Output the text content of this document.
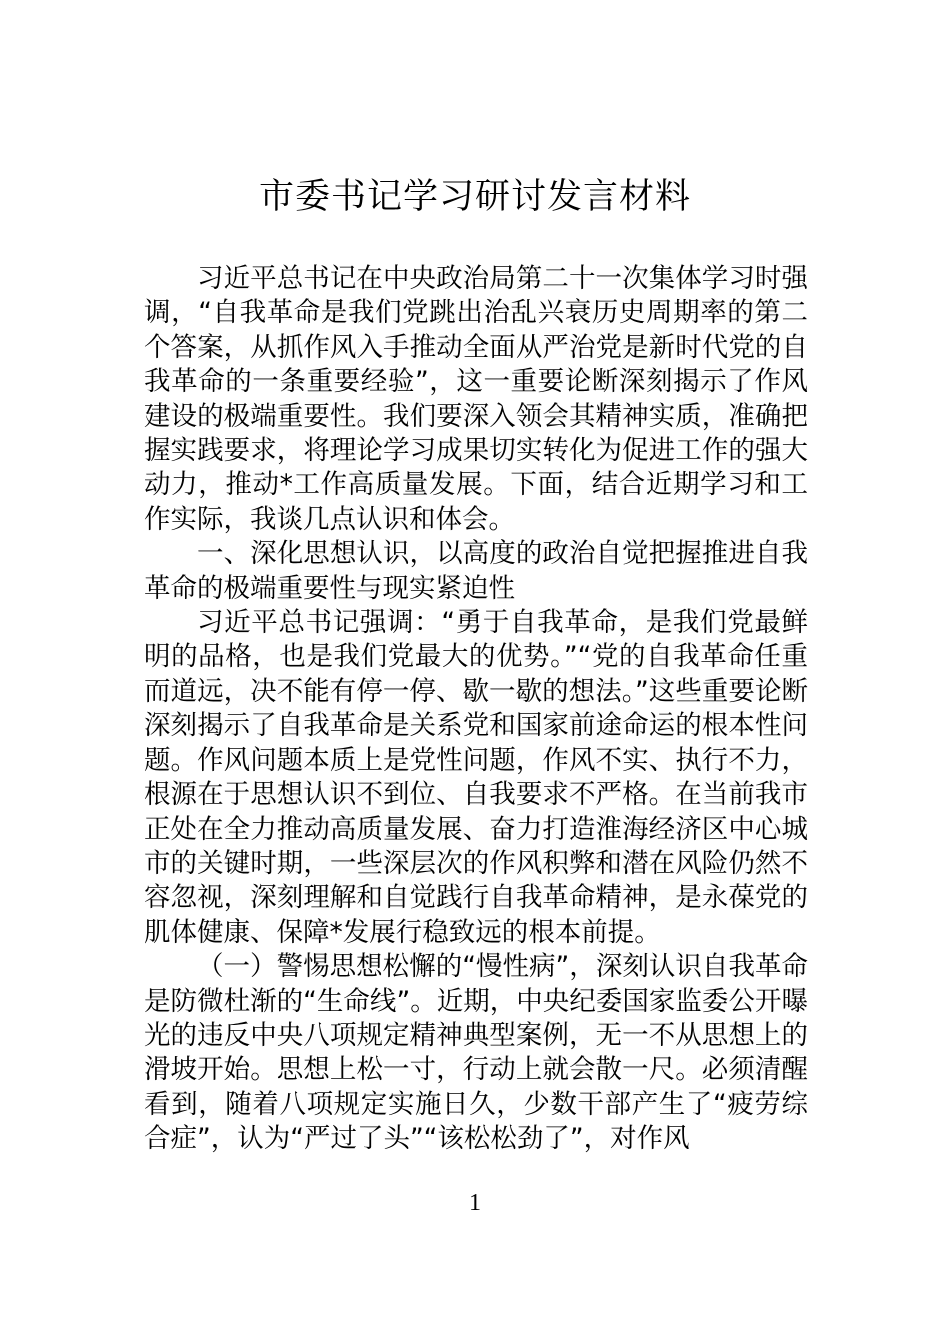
市委书记学习研讨发言材料

习近平总书记在中央政治局第二十一次集体学习时强调，“自我革命是我们党跳出治乱兴衰历史周期率的第二个答案，从抓作风入手推动全面从严治党是新时代党的自我革命的一条重要经验”，这一重要论断深刻揭示了作风建设的极端重要性。我们要深入领会其精神实质，准确把握实践要求，将理论学习成果切实转化为促进工作的强大动力，推动*工作高质量发展。下面，结合近期学习和工作实际，我谈几点认识和体会。

一、深化思想认识，以高度的政治自觉把握推进自我革命的极端重要性与现实紧迫性

习近平总书记强调：“勇于自我革命，是我们党最鲜明的品格，也是我们党最大的优势。”“党的自我革命任重而道远，决不能有停一停、歇一歇的想法。”这些重要论断深刻揭示了自我革命是关系党和国家前途命运的根本性问题。作风问题本质上是党性问题，作风不实、执行不力，根源在于思想认识不到位、自我要求不严格。在当前我市正处在全力推动高质量发展、奋力打造淮海经济区中心城市的关键时期，一些深层次的作风积弊和潜在风险仍然不容忽视，深刻理解和自觉践行自我革命精神，是永葆党的肌体健康、保障*发展行稳致远的根本前提。

（一）警惕思想松懈的“慢性病”，深刻认识自我革命是防微杜渐的“生命线”。近期，中央纪委国家监委公开曝光的违反中央八项规定精神典型案例，无一不从思想上的滑坡开始。思想上松一寸，行动上就会散一尺。必须清醒看到，随着八项规定实施日久，少数干部产生了“疲劳综合症”，认为“严过了头”“该松松劲了”，对作风

1
